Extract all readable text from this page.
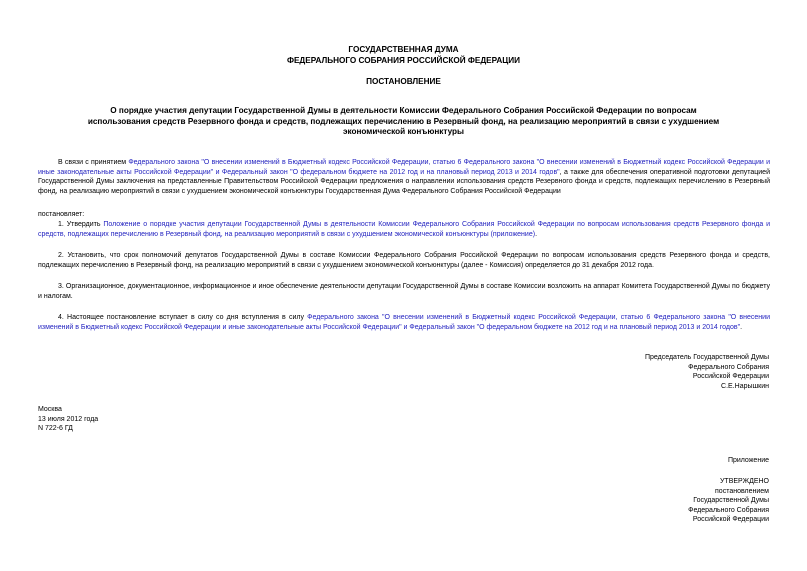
ГОСУДАРСТВЕННАЯ ДУМА
ФЕДЕРАЛЬНОГО СОБРАНИЯ РОССИЙСКОЙ ФЕДЕРАЦИИ
ПОСТАНОВЛЕНИЕ
О порядке участия депутации Государственной Думы в деятельности Комиссии Федерального Собрания Российской Федерации по вопросам использования средств Резервного фонда и средств, подлежащих перечислению в Резервный фонд, на реализацию мероприятий в связи с ухудшением экономической конъюнктуры
В связи с принятием Федерального закона "О внесении изменений в Бюджетный кодекс Российской Федерации, статью 6 Федерального закона "О внесении изменений в Бюджетный кодекс Российской Федерации и иные законодательные акты Российской Федерации" и Федеральный закон "О федеральном бюджете на 2012 год и на плановый период 2013 и 2014 годов", а также для обеспечения оперативной подготовки депутацией Государственной Думы заключения на представленные Правительством Российской Федерации предложения о направлении использования средств Резервного фонда и средств, подлежащих перечислению в Резервный фонд, на реализацию мероприятий в связи с ухудшением экономической конъюнктуры Государственная Дума Федерального Собрания Российской Федерации
постановляет:
1. Утвердить Положение о порядке участия депутации Государственной Думы в деятельности Комиссии Федерального Собрания Российской Федерации по вопросам использования средств Резервного фонда и средств, подлежащих перечислению в Резервный фонд, на реализацию мероприятий в связи с ухудшением экономической конъюнктуры (приложение).
2. Установить, что срок полномочий депутатов Государственной Думы в составе Комиссии Федерального Собрания Российской Федерации по вопросам использования средств Резервного фонда и средств, подлежащих перечислению в Резервный фонд, на реализацию мероприятий в связи с ухудшением экономической конъюнктуры (далее - Комиссия) определяется до 31 декабря 2012 года.
3. Организационное, документационное, информационное и иное обеспечение деятельности депутации Государственной Думы в составе Комиссии возложить на аппарат Комитета Государственной Думы по бюджету и налогам.
4. Настоящее постановление вступает в силу со дня вступления в силу Федерального закона "О внесении изменений в Бюджетный кодекс Российской Федерации, статью 6 Федерального закона "О внесении изменений в Бюджетный кодекс Российской Федерации и иные законодательные акты Российской Федерации" и Федеральный закон "О федеральном бюджете на 2012 год и на плановый период 2013 и 2014 годов".
Председатель Государственной Думы
Федерального Собрания
Российской Федерации
С.Е.Нарышкин
Москва
13 июля 2012 года
N 722-6 ГД
Приложение
УТВЕРЖДЕНО
постановлением
Государственной Думы
Федерального Собрания
Российской Федерации
